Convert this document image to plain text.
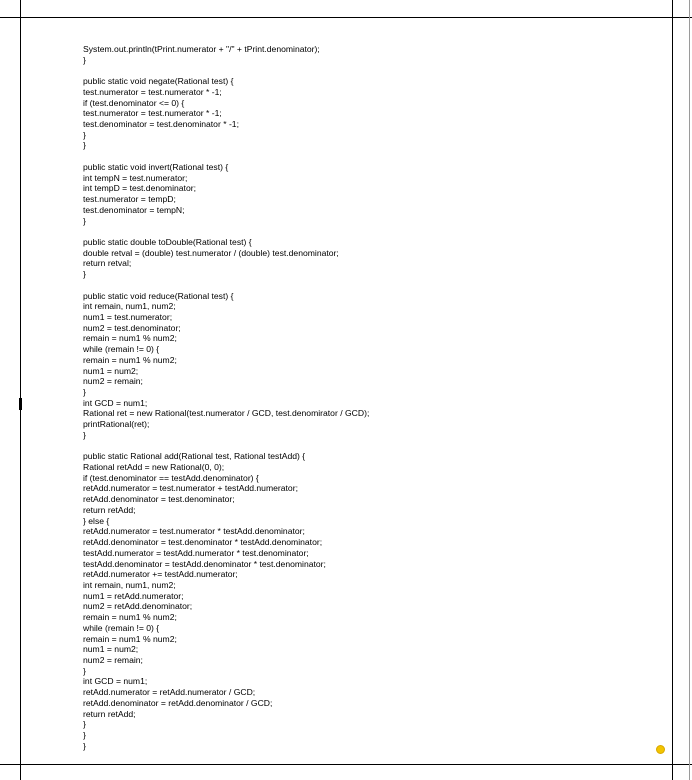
System.out.println(tPrint.numerator + "/" + tPrint.denominator);
}
public static void negate(Rational test) {
test.numerator = test.numerator * -1;
if (test.denominator <= 0) {
test.numerator = test.numerator * -1;
test.denominator = test.denominator * -1;
}
}
public static void invert(Rational test) {
int tempN = test.numerator;
int tempD = test.denominator;
test.numerator = tempD;
test.denominator = tempN;
}
public static double toDouble(Rational test) {
double retval = (double) test.numerator / (double) test.denominator;
return retval;
}
public static void reduce(Rational test) {
int remain, num1, num2;
num1 = test.numerator;
num2 = test.denominator;
remain = num1 % num2;
while (remain != 0) {
remain = num1 % num2;
num1 = num2;
num2 = remain;
}
int GCD = num1;
Rational ret = new Rational(test.numerator / GCD, test.denomirator / GCD);
printRational(ret);
}
public static Rational add(Rational test, Rational testAdd) {
Rational retAdd = new Rational(0, 0);
if (test.denominator == testAdd.denominator) {
retAdd.numerator = test.numerator + testAdd.numerator;
retAdd.denominator = test.denominator;
return retAdd;
} else {
retAdd.numerator = test.numerator * testAdd.denominator;
retAdd.denominator = test.denominator * testAdd.denominator;
testAdd.numerator = testAdd.numerator * test.denominator;
testAdd.denominator = testAdd.denominator * test.denominator;
retAdd.numerator += testAdd.numerator;
int remain, num1, num2;
num1 = retAdd.numerator;
num2 = retAdd.denominator;
remain = num1 % num2;
while (remain != 0) {
remain = num1 % num2;
num1 = num2;
num2 = remain;
}
int GCD = num1;
retAdd.numerator = retAdd.numerator / GCD;
retAdd.denominator = retAdd.denominator / GCD;
return retAdd;
}
}
}
